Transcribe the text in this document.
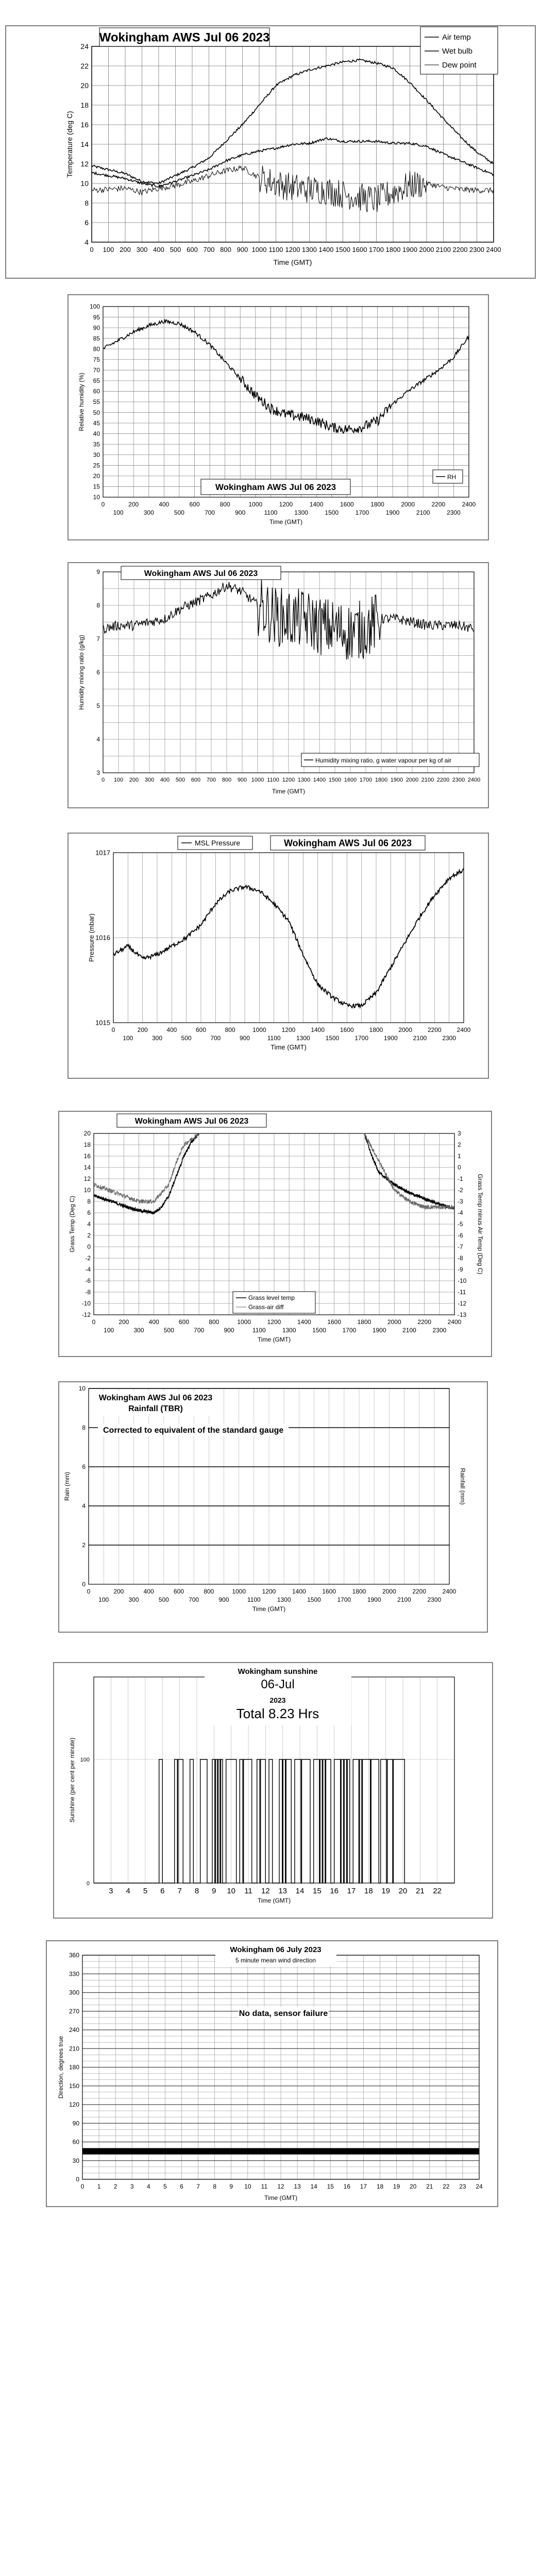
4
6
8
10
12
14
16
18
20
22
24
0 100 200 300 400 500 600 700 800 900 1000 1100 1200 1300 1400 1500 1600 1700 1800 1900 2000 2100 2200 2300 2400
Time (GMT)
Temperature (deg C)
Wokingham AWS Jul 06 2023	Air temp
Wet bulb
Dew point
10
15
20
25
30
35
40
45
50
55
60
65
70
75
80
85
90
95
100
0	200	400	600	800	1000	1200	1400	1600	1800	2000	2200	2400
100	300	500	700	900	1100	1300	1500	1700	1900	2100	2300
Time (GMT)
Relative humidity (%)
Wokingham AWS Jul 06 2023
RH
3
4
5
6
7
8
9
0 100 200 300 400 500 600 700 800 900 1000 1100 1200 1300 1400 1500 1600 1700 1800 1900 2000 2100 2200 2300 2400
Time (GMT)
Humidity mixing ratio (g/kg)
Wokingham AWS Jul 06 2023
Humidity mixing ratio, g water vapour per kg of air
1015
1016
1017
0	200	400	600	800	1000 1200 1400 1600 1800 2000 2200 2400
100	300	500	700	900	1100	1300 1500 1700 1900 2100 2300
Time (GMT)
Pressure (mbar)
MSL Pressure	Wokingham AWS Jul 06 2023
-12
-10
-8
-6
-4
-2
0
2
4
6
8
10
12
14
16
18
20
-13
-12
-11
-10
-9
-8
-7
-6
-5
-4
-3
-2
-1
0
1
2
3
0	200	400	600	800	1000	1200	1400	1600	1800	2000	2200	2400
100	300	500	700	900	1100	1300	1500	1700	1900	2100	2300
Time (GMT)
Grass Temp (Deg C)	Grass Temp minus Air Temp (Deg C)
Wokingham AWS Jul 06 2023
Grass level temp
Grass-air diff
0
2
4
6
8
10
0	200	400	600	800	1000	1200	1400	1600	1800	2000	2200	2400
100	300	500	700	900	1100	1300	1500	1700	1900	2100	2300
Time (GMT)
Rain (mm)	Rainfall (mm)
Wokingham AWS Jul 06 2023
Rainfall (TBR)
Corrected to equivalent of the standard gauge
3 4 5 6 7 8 9 10 11 12 13 14 15 16 17 18 19 20 21 22
0
100
Time (GMT)
Sunshine (per cent per minute)
Wokingham sunshine
06-Jul
2023
Total 8.23 Hrs
0
30
60
90
120
150
180
210
240
270
300
330
360
0 1 2 3 4 5 6 7 8 9 10 11 12 13 14 15 16 17 18 19 20 21 22 23 24
Time (GMT)
Direction, degrees true
Wokingham 06 July 2023
5 minute mean wind direction
No data, sensor failure
